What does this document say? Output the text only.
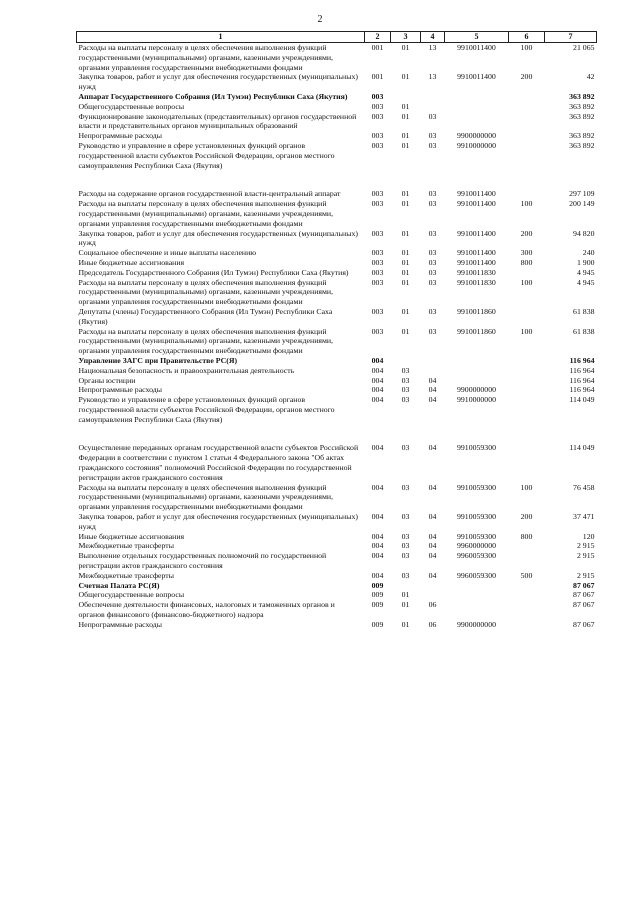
2
1	2	3	4	5	6	7
Расходы на выплаты персоналу в целях обеспечения выполнения функций государственными (муниципальными) органами, казенными учреждениями, органами управления государственными внебюджетными фондами	001	01	13	9910011400	100	21 065
Закупка товаров, работ и услуг для обеспечения государственных (муниципальных) нужд	001	01	13	9910011400	200	42
Аппарат Государственного Собрания (Ил Тумэн) Республики Саха (Якутия)	003					363 892
Общегосударственные вопросы	003	01				363 892
Функционирование законодательных (представительных) органов государственной власти и представительных органов муниципальных образований	003	01	03			363 892
Непрограммные расходы	003	01	03	9900000000		363 892
Руководство и управление в сфере установленных функций органов государственной власти субъектов Российской Федерации, органов местного самоуправления Республики Саха (Якутия)	003	01	03	9910000000		363 892
Расходы на содержание органов государственной власти-центральный аппарат	003	01	03	9910011400		297 109
Расходы на выплаты персоналу в целях обеспечения выполнения функций государственными (муниципальными) органами, казенными учреждениями, органами управления государственными внебюджетными фондами	003	01	03	9910011400	100	200 149
Закупка товаров, работ и услуг для обеспечения государственных (муниципальных) нужд	003	01	03	9910011400	200	94 820
Социальное обеспечение и иные выплаты населению	003	01	03	9910011400	300	240
Иные бюджетные ассигнования	003	01	03	9910011400	800	1 900
Председатель Государственного Собрания (Ил Тумэн) Республики Саха (Якутия)	003	01	03	9910011830		4 945
Расходы на выплаты персоналу в целях обеспечения выполнения функций государственными (муниципальными) органами, казенными учреждениями, органами управления государственными внебюджетными фондами	003	01	03	9910011830	100	4 945
Депутаты (члены) Государственного Собрания (Ил Тумэн) Республики Саха (Якутия)	003	01	03	9910011860		61 838
Расходы на выплаты персоналу в целях обеспечения выполнения функций государственными (муниципальными) органами, казенными учреждениями, органами управления государственными внебюджетными фондами	003	01	03	9910011860	100	61 838
Управление ЗАГС при Правительстве РС(Я)	004					116 964
Национальная безопасность и правоохранительная деятельность	004	03				116 964
Органы юстиции	004	03	04			116 964
Непрограммные расходы	004	03	04	9900000000		116 964
Руководство и управление в сфере установленных функций органов государственной власти субъектов Российской Федерации, органов местного самоуправления Республики Саха (Якутия)	004	03	04	9910000000		114 049
Осуществление переданных органам государственной власти субъектов Российской Федерации в соответствии с пунктом 1 статьи 4 Федерального закона "Об актах гражданского состояния" полномочий Российской Федерации по государственной регистрации актов гражданского состояния	004	03	04	9910059300		114 049
Расходы на выплаты персоналу в целях обеспечения выполнения функций государственными (муниципальными) органами, казенными учреждениями, органами управления государственными внебюджетными фондами	004	03	04	9910059300	100	76 458
Закупка товаров, работ и услуг для обеспечения государственных (муниципальных) нужд	004	03	04	9910059300	200	37 471
Иные бюджетные ассигнования	004	03	04	9910059300	800	120
Межбюджетные трансферты	004	03	04	9960000000		2 915
Выполнение отдельных государственных полномочий по государственной регистрации актов гражданского состояния	004	03	04	9960059300		2 915
Межбюджетные трансферты	004	03	04	9960059300	500	2 915
Счетная Палата РС(Я)	009					87 067
Общегосударственные вопросы	009	01				87 067
Обеспечение деятельности финансовых, налоговых и таможенных органов и органов финансового (финансово-бюджетного) надзора	009	01	06			87 067
Непрограммные расходы	009	01	06	9900000000		87 067
